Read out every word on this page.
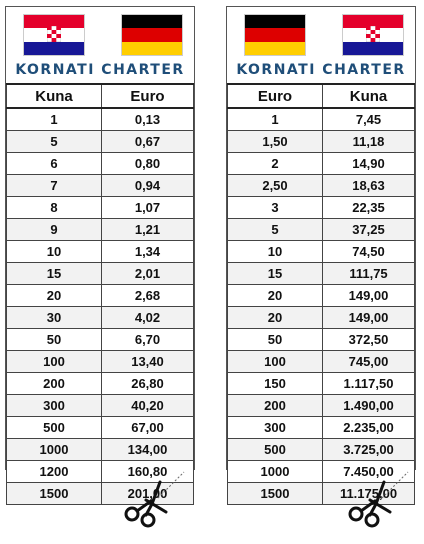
KORNATI CHARTER
Kuna	Euro
1	0,13
5	0,67
6	0,80
7	0,94
8	1,07
9	1,21
10	1,34
15	2,01
20	2,68
30	4,02
50	6,70
100	13,40
200	26,80
300	40,20
500	67,00
1000	134,00
1200	160,80
1500	201,00
KORNATI CHARTER
Euro	Kuna
1	7,45
1,50	11,18
2	14,90
2,50	18,63
3	22,35
5	37,25
10	74,50
15	111,75
20	149,00
20	149,00
50	372,50
100	745,00
150	1.117,50
200	1.490,00
300	2.235,00
500	3.725,00
1000	7.450,00
1500	11.175,00
